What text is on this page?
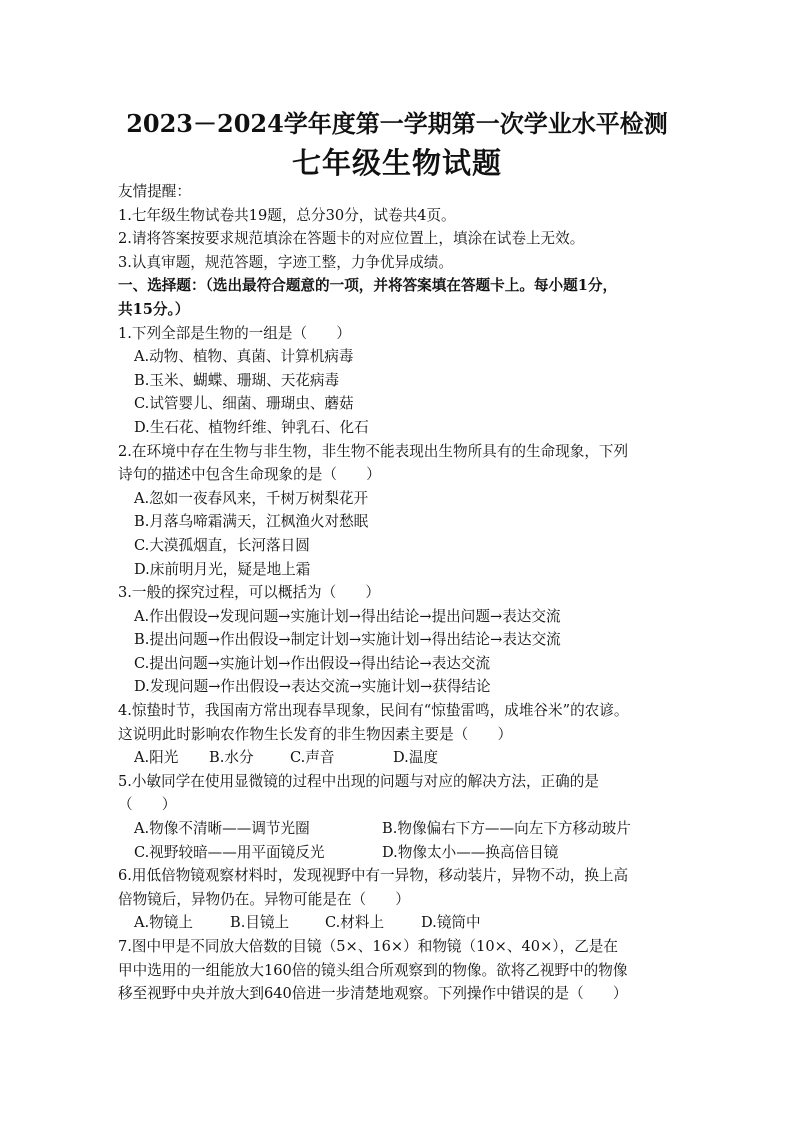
2023－2024学年度第一学期第一次学业水平检测
七年级生物试题
友情提醒：
1.七年级生物试卷共19题，总分30分，试卷共4页。
2.请将答案按要求规范填涂在答题卡的对应位置上，填涂在试卷上无效。
3.认真审题，规范答题，字迹工整，力争优异成绩。
一、选择题：（选出最符合题意的一项，并将答案填在答题卡上。每小题1分，
共15分。）
1.下列全部是生物的一组是（　　）
A.动物、植物、真菌、计算机病毒
B.玉米、蝴蝶、珊瑚、天花病毒
C.试管婴儿、细菌、珊瑚虫、蘑菇
D.生石花、植物纤维、钟乳石、化石
2.在环境中存在生物与非生物，非生物不能表现出生物所具有的生命现象，下列
诗句的描述中包含生命现象的是（　　）
A.忽如一夜春风来，千树万树梨花开
B.月落乌啼霜满天，江枫渔火对愁眠
C.大漠孤烟直，长河落日圆
D.床前明月光，疑是地上霜
3.一般的探究过程，可以概括为（　　）
A.作出假设→发现问题→实施计划→得出结论→提出问题→表达交流
B.提出问题→作出假设→制定计划→实施计划→得出结论→表达交流
C.提出问题→实施计划→作出假设→得出结论→表达交流
D.发现问题→作出假设→表达交流→实施计划→获得结论
4.惊蛰时节，我国南方常出现春旱现象，民间有“惊蛰雷鸣，成堆谷米”的农谚。
这说明此时影响农作物生长发育的非生物因素主要是（　　）
A.阳光	B.水分	C.声音	D.温度
5.小敏同学在使用显微镜的过程中出现的问题与对应的解决方法，正确的是
（　　）
A.物像不清晰——调节光圈	B.物像偏右下方——向左下方移动玻片
C.视野较暗——用平面镜反光	D.物像太小——换高倍目镜
6.用低倍物镜观察材料时，发现视野中有一异物，移动装片，异物不动，换上高
倍物镜后，异物仍在。异物可能是在（　　）
A.物镜上	B.目镜上	C.材料上	D.镜筒中
7.图中甲是不同放大倍数的目镜（5×、16×）和物镜（10×、40×），乙是在
甲中选用的一组能放大160倍的镜头组合所观察到的物像。欲将乙视野中的物像
移至视野中央并放大到640倍进一步清楚地观察。下列操作中错误的是（　　）
